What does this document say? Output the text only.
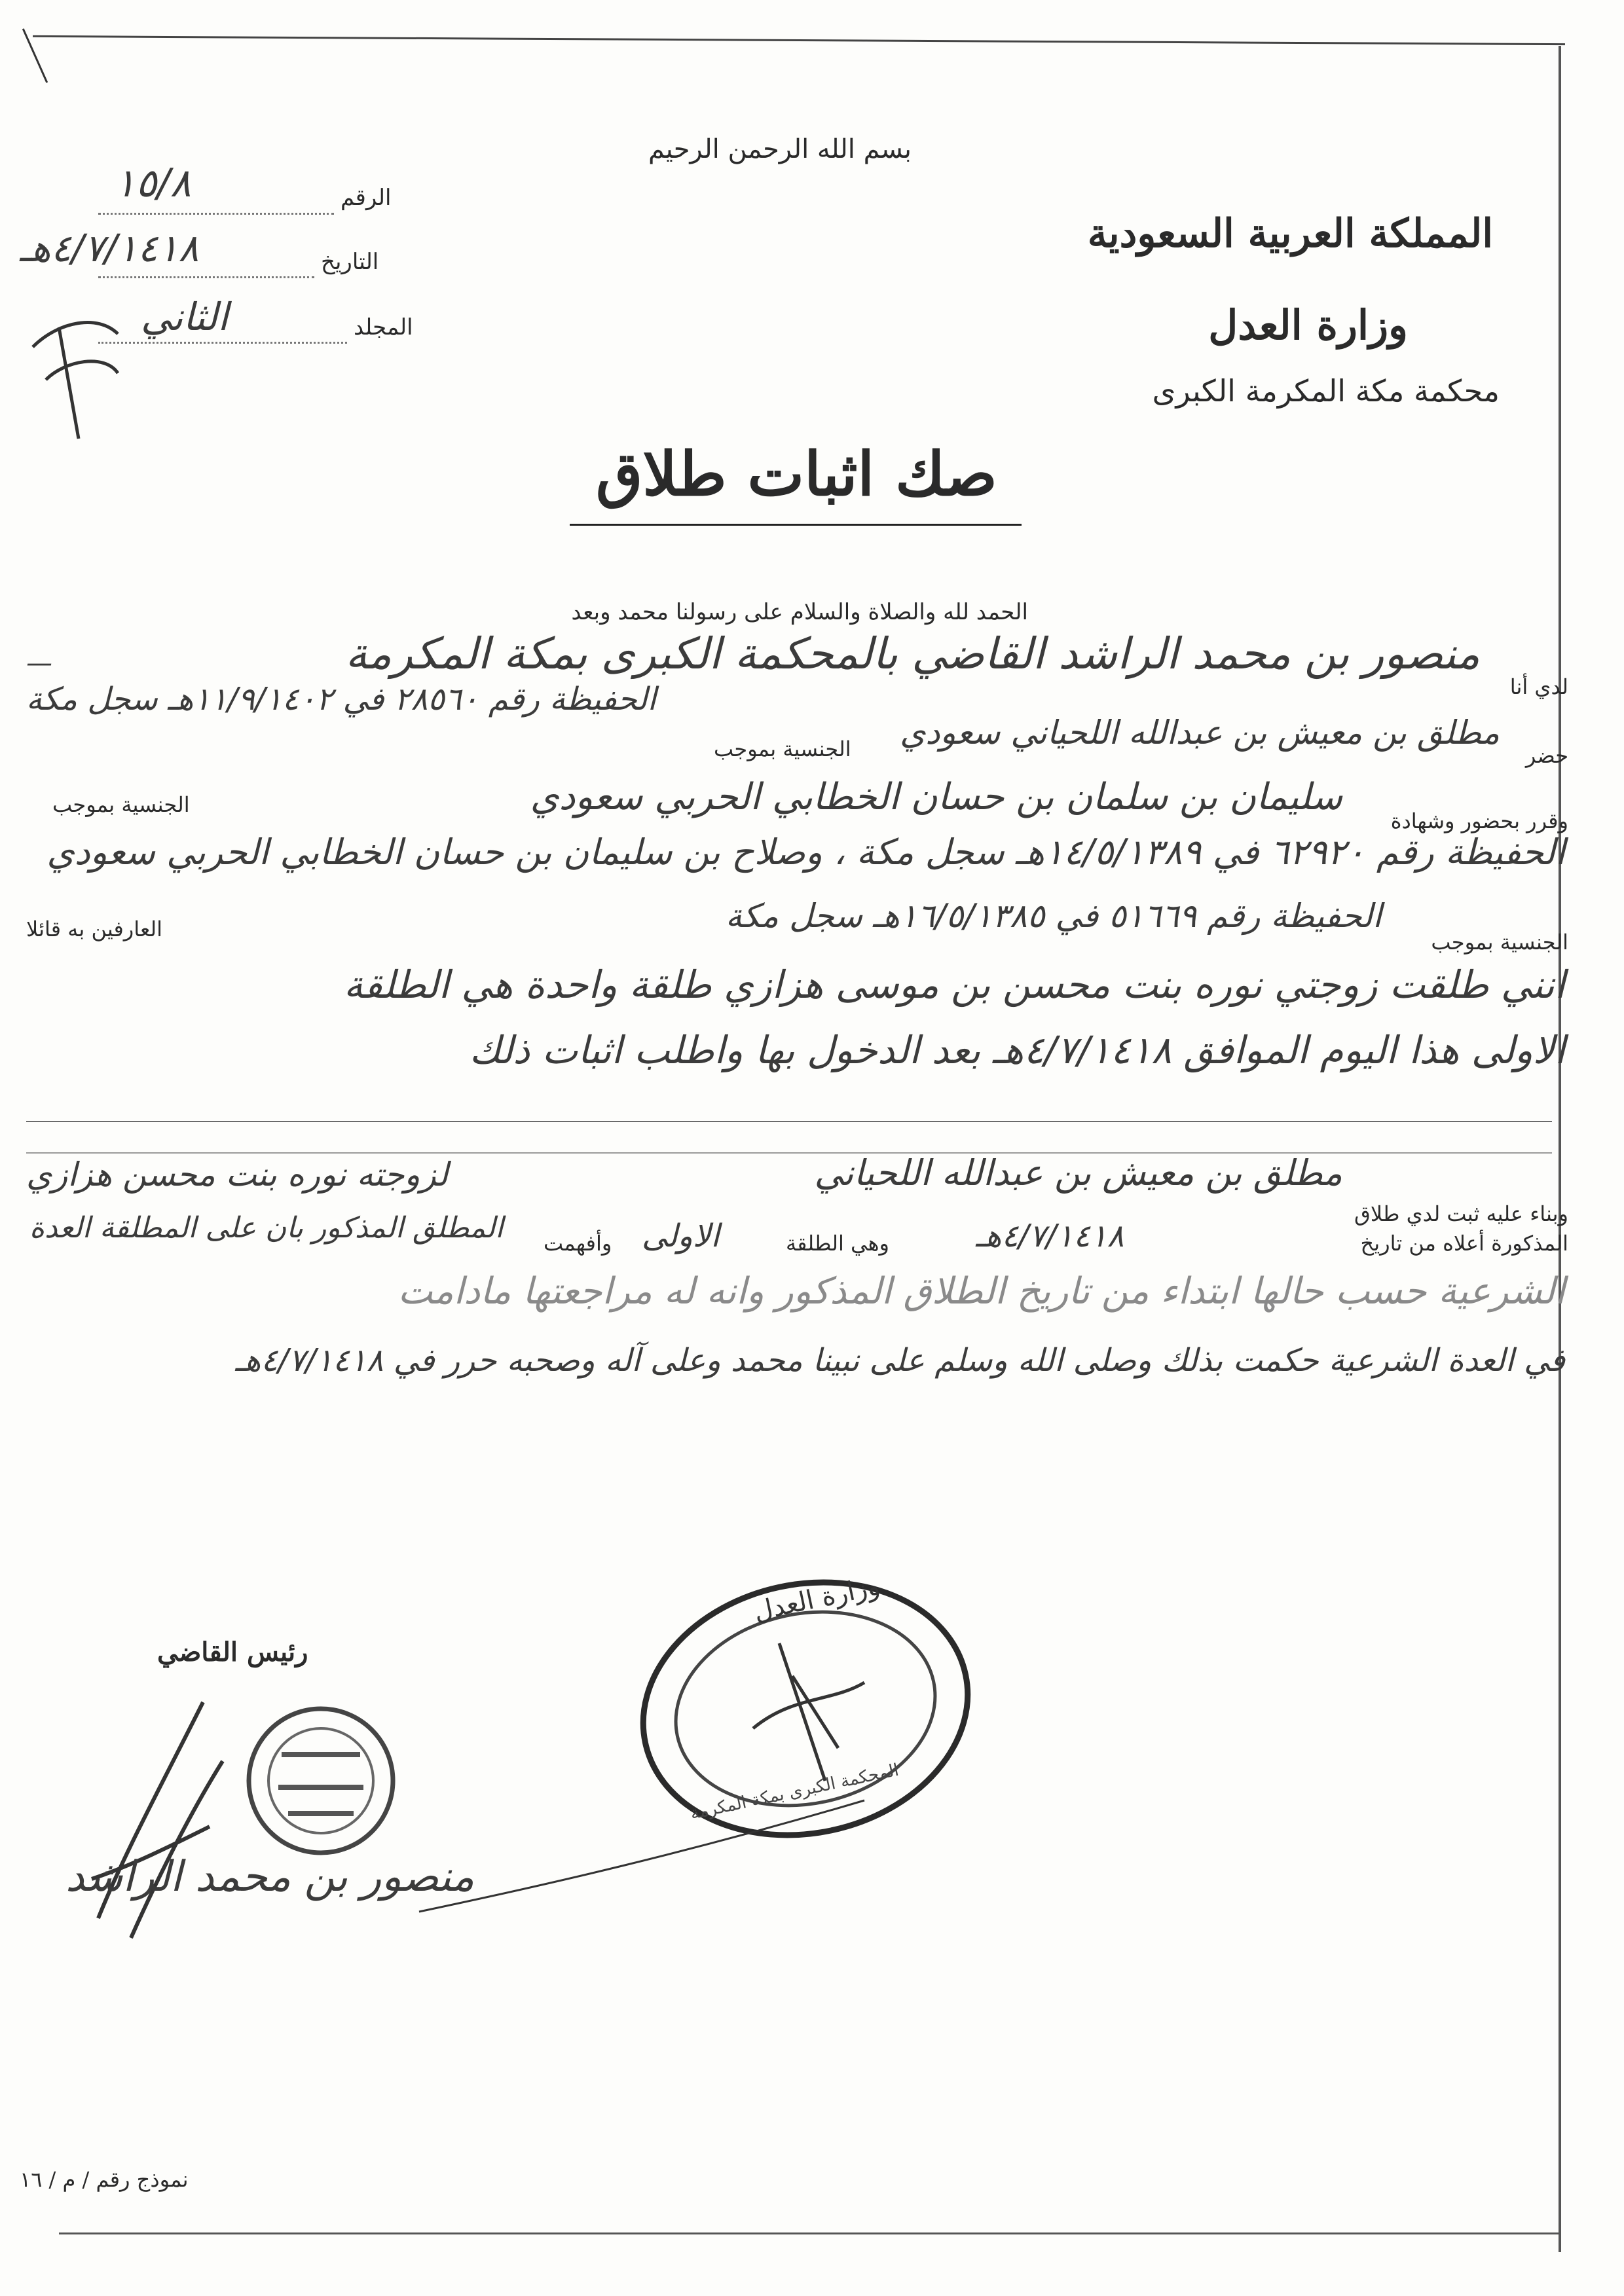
بسم الله الرحمن الرحيم
المملكة العربية السعودية
وزارة العدل
محكمة مكة المكرمة الكبرى
الرقم
١٥/٨
التاريخ
٤/٧/١٤١٨هـ
المجلد
الثاني
صك اثبات طلاق
الحمد لله والصلاة والسلام على رسولنا محمد وبعد
لدي أنا
منصور بن محمد الراشد القاضي بالمحكمة الكبرى بمكة المكرمة
—
حضر
مطلق بن معيش بن عبدالله اللحياني سعودي
الجنسية بموجب
الحفيظة رقم ٢٨٥٦٠ في ١١/٩/١٤٠٢هـ سجل مكة
وقرر بحضور وشهادة
سليمان بن سلمان بن حسان الخطابي الحربي سعودي
الجنسية بموجب
الحفيظة رقم ٦٢٩٢٠ في ١٤/٥/١٣٨٩هـ سجل مكة ، وصلاح بن سليمان بن حسان الخطابي الحربي سعودي
الجنسية بموجب
الحفيظة رقم ٥١٦٦٩ في ١٦/٥/١٣٨٥هـ سجل مكة
العارفين به قائلا
انني طلقت زوجتي نوره بنت محسن بن موسى هزازي طلقة واحدة هي الطلقة
الاولى هذا اليوم الموافق ٤/٧/١٤١٨هـ بعد الدخول بها واطلب اثبات ذلك
وبناء عليه ثبت لدي طلاق
مطلق بن معيش بن عبدالله اللحياني
لزوجته نوره بنت محسن هزازي
المذكورة أعلاه من تاريخ
٤/٧/١٤١٨هـ
وهي الطلقة
الاولى
وأفهمت
المطلق المذكور بان على المطلقة العدة
الشرعية حسب حالها ابتداء من تاريخ الطلاق المذكور وانه له مراجعتها مادامت
في العدة الشرعية حكمت بذلك وصلى الله وسلم على نبينا محمد وعلى آله وصحبه حرر في ٤/٧/١٤١٨هـ
رئيس القاضي
منصور بن محمد الراشد
وزارة العدل
المحكمة الكبرى بمكة المكرمة
نموذج رقم / م / ١٦
